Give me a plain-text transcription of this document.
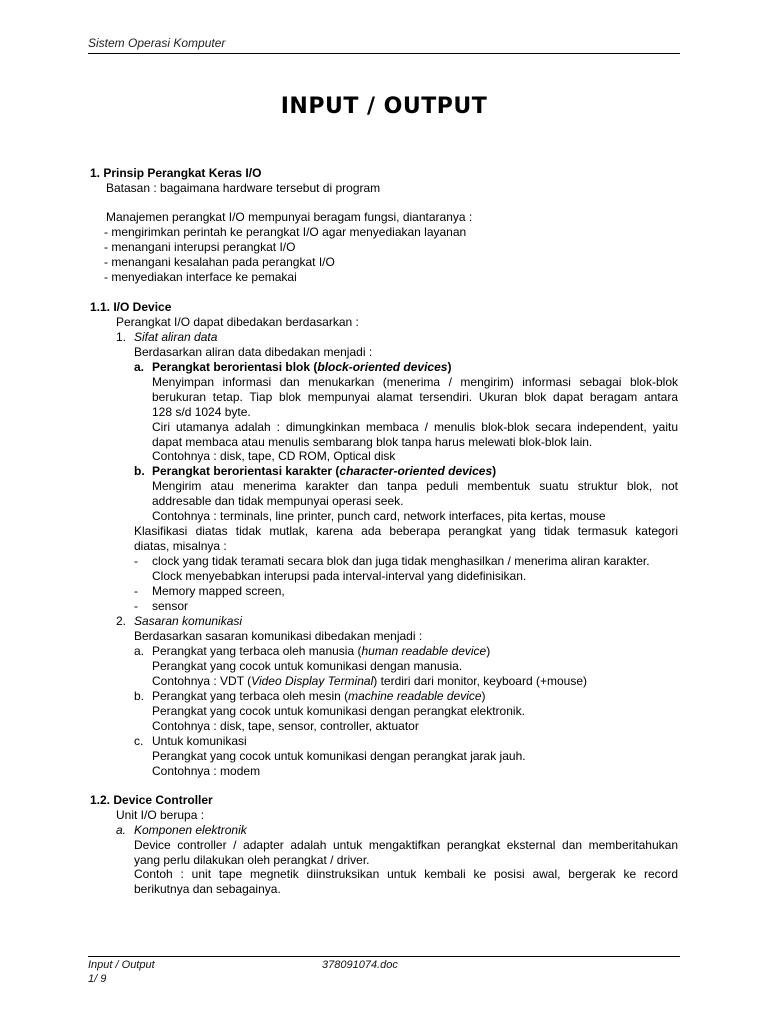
Sistem Operasi Komputer
INPUT / OUTPUT
1. Prinsip Perangkat Keras I/O
Batasan : bagaimana hardware tersebut di program
Manajemen perangkat I/O mempunyai beragam fungsi, diantaranya :
- mengirimkan perintah ke perangkat I/O agar menyediakan layanan
- menangani interupsi perangkat I/O
- menangani kesalahan pada perangkat I/O
- menyediakan interface ke pemakai
1.1. I/O Device
Perangkat I/O dapat dibedakan berdasarkan :
1. Sifat aliran data
Berdasarkan aliran data dibedakan menjadi :
a. Perangkat berorientasi blok (block-oriented devices)
Menyimpan informasi dan menukarkan (menerima / mengirim) informasi sebagai blok-blok
berukuran tetap. Tiap blok mempunyai alamat tersendiri. Ukuran blok dapat beragam antara
128 s/d 1024 byte.
Ciri utamanya adalah : dimungkinkan membaca / menulis blok-blok secara independent, yaitu
dapat membaca atau menulis sembarang blok tanpa harus melewati blok-blok lain.
Contohnya : disk, tape, CD ROM, Optical disk
b. Perangkat berorientasi karakter (character-oriented devices)
Mengirim atau menerima karakter dan tanpa peduli membentuk suatu struktur blok, not
addresable dan tidak mempunyai operasi seek.
Contohnya : terminals, line printer, punch card, network interfaces, pita kertas, mouse
Klasifikasi diatas tidak mutlak, karena ada beberapa perangkat yang tidak termasuk kategori
diatas, misalnya :
- clock yang tidak teramati secara blok dan juga tidak menghasilkan / menerima aliran karakter.
Clock menyebabkan interupsi pada interval-interval yang didefinisikan.
- Memory mapped screen,
- sensor
2. Sasaran komunikasi
Berdasarkan sasaran komunikasi dibedakan menjadi :
a. Perangkat yang terbaca oleh manusia (human readable device)
Perangkat yang cocok untuk komunikasi dengan manusia.
Contohnya : VDT (Video Display Terminal) terdiri dari monitor, keyboard (+mouse)
b. Perangkat yang terbaca oleh mesin (machine readable device)
Perangkat yang cocok untuk komunikasi dengan perangkat elektronik.
Contohnya : disk, tape, sensor, controller, aktuator
c. Untuk komunikasi
Perangkat yang cocok untuk komunikasi dengan perangkat jarak jauh.
Contohnya : modem
1.2. Device Controller
Unit I/O berupa :
a. Komponen elektronik
Device controller / adapter adalah untuk mengaktifkan perangkat eksternal dan memberitahukan
yang perlu dilakukan oleh perangkat / driver.
Contoh : unit tape megnetik diinstruksikan untuk kembali ke posisi awal, bergerak ke record
berikutnya dan sebagainya.
Input / Output	378091074.doc
1/ 9
